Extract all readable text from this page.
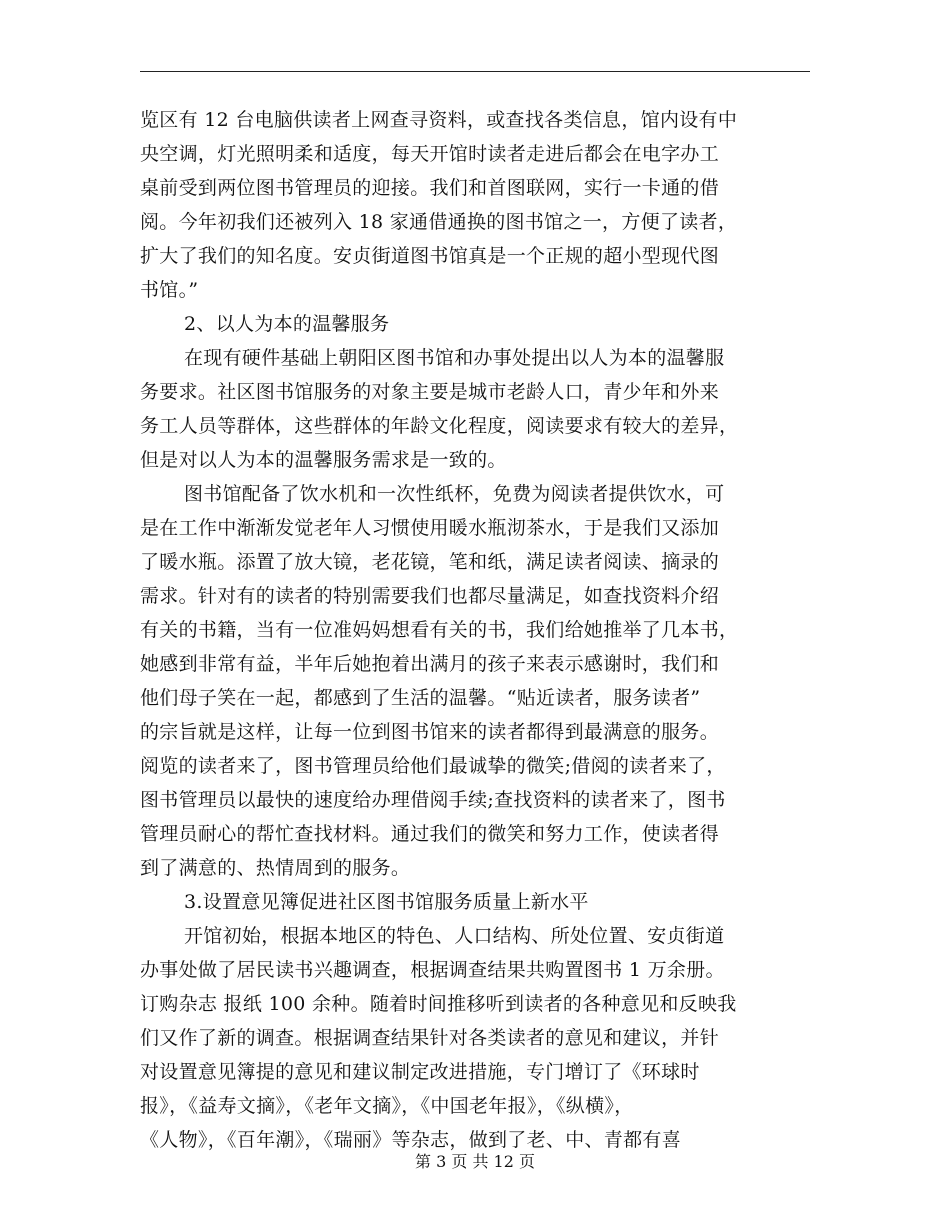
览区有 12 台电脑供读者上网查寻资料，或查找各类信息，馆内设有中
央空调，灯光照明柔和适度，每天开馆时读者走进后都会在电字办工
桌前受到两位图书管理员的迎接。我们和首图联网，实行一卡通的借
阅。今年初我们还被列入 18 家通借通换的图书馆之一，方便了读者，
扩大了我们的知名度。安贞街道图书馆真是一个正规的超小型现代图
书馆。”
2、以人为本的温馨服务
在现有硬件基础上朝阳区图书馆和办事处提出以人为本的温馨服
务要求。社区图书馆服务的对象主要是城市老龄人口，青少年和外来
务工人员等群体，这些群体的年龄文化程度，阅读要求有较大的差异，
但是对以人为本的温馨服务需求是一致的。
图书馆配备了饮水机和一次性纸杯，免费为阅读者提供饮水，可
是在工作中渐渐发觉老年人习惯使用暖水瓶沏茶水，于是我们又添加
了暖水瓶。添置了放大镜，老花镜，笔和纸，满足读者阅读、摘录的
需求。针对有的读者的特别需要我们也都尽量满足，如查找资料介绍
有关的书籍，当有一位准妈妈想看有关的书，我们给她推举了几本书，
她感到非常有益，半年后她抱着出满月的孩子来表示感谢时，我们和
他们母子笑在一起，都感到了生活的温馨。“贴近读者，服务读者”
的宗旨就是这样，让每一位到图书馆来的读者都得到最满意的服务。
阅览的读者来了，图书管理员给他们最诚挚的微笑;借阅的读者来了，
图书管理员以最快的速度给办理借阅手续;查找资料的读者来了，图书
管理员耐心的帮忙查找材料。通过我们的微笑和努力工作，使读者得
到了满意的、热情周到的服务。
3.设置意见簿促进社区图书馆服务质量上新水平
开馆初始，根据本地区的特色、人口结构、所处位置、安贞街道
办事处做了居民读书兴趣调查，根据调查结果共购置图书 1 万余册。
订购杂志 报纸 100 余种。随着时间推移听到读者的各种意见和反映我
们又作了新的调查。根据调查结果针对各类读者的意见和建议，并针
对设置意见簿提的意见和建议制定改进措施，专门增订了《环球时
报》，《益寿文摘》，《老年文摘》，《中国老年报》，《纵横》，
《人物》，《百年潮》，《瑞丽》等杂志，做到了老、中、青都有喜
第 3 页 共 12 页
